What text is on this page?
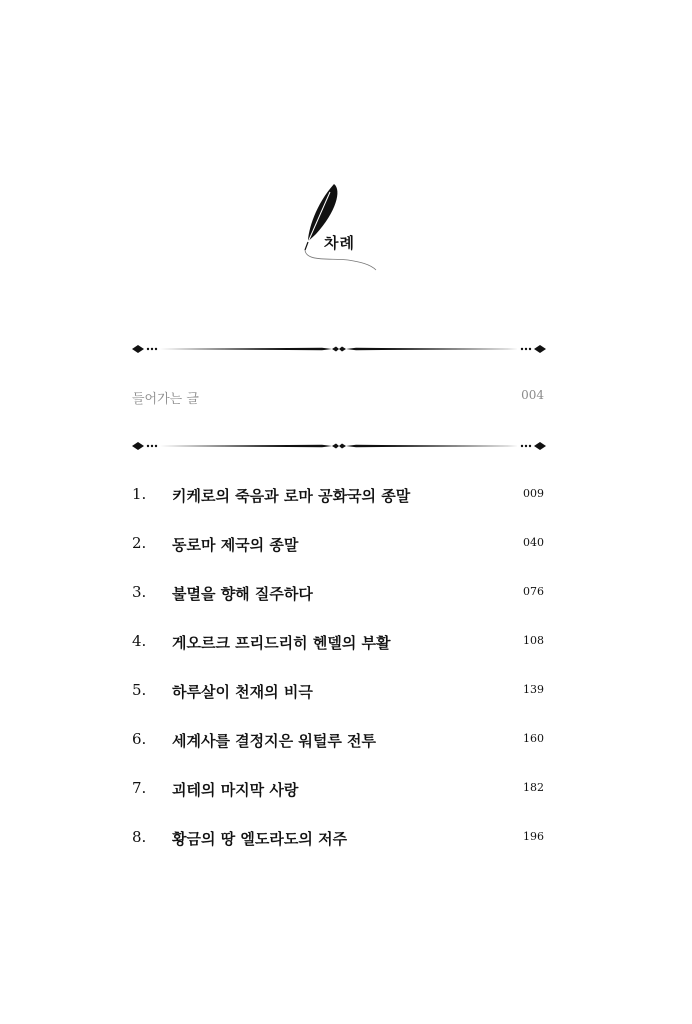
차례
들어가는 글	004
1. 키케로의 죽음과 로마 공화국의 종말	009
2. 동로마 제국의 종말	040
3. 불멸을 향해 질주하다	076
4. 게오르크 프리드리히 헨델의 부활	108
5. 하루살이 천재의 비극	139
6. 세계사를 결정지은 워털루 전투	160
7. 괴테의 마지막 사랑	182
8. 황금의 땅 엘도라도의 저주	196
